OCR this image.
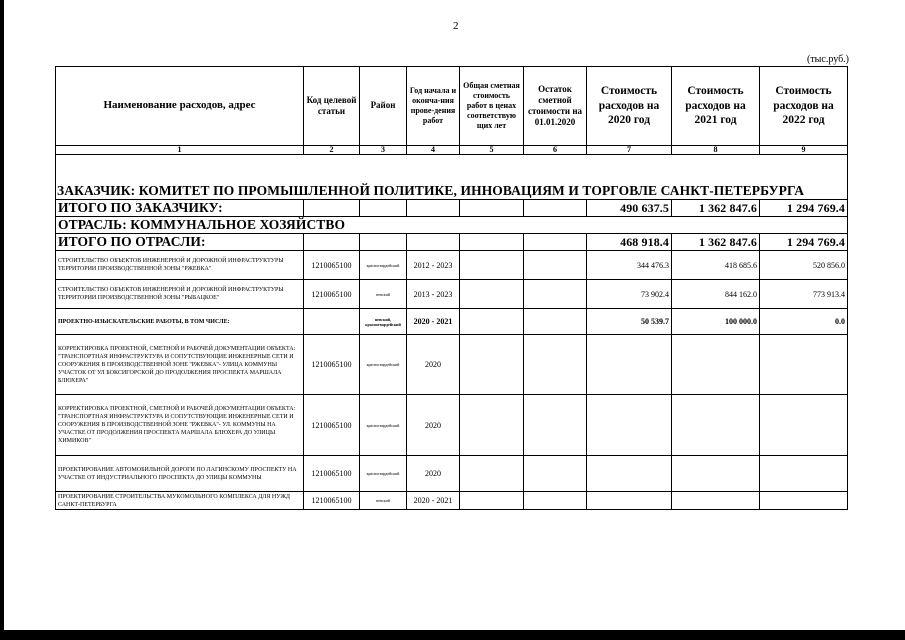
2
(тыс.руб.)
Наименование расходов, адрес	Код целевой статьи	Район	Год начала и оконча-ния прове-дения работ	Общая сметная стоимость работ в ценах соответствую щих лет	Остаток сметной стоимости на 01.01.2020	Стоимость расходов на 2020 год	Стоимость расходов на 2021 год	Стоимость расходов на 2022 год
1	2	3	4	5	6	7	8	9

ЗАКАЗЧИК: КОМИТЕТ ПО ПРОМЫШЛЕННОЙ ПОЛИТИКЕ, ИННОВАЦИЯМ И ТОРГОВЛЕ САНКТ-ПЕТЕРБУРГА								
ИТОГО ПО ЗАКАЗЧИКУ:						490 637.5	1 362 847.6	1 294 769.4
ОТРАСЛЬ: КОММУНАЛЬНОЕ ХОЗЯЙСТВО								
ИТОГО ПО ОТРАСЛИ:						468 918.4	1 362 847.6	1 294 769.4
СТРОИТЕЛЬСТВО ОБЪЕКТОВ ИНЖЕНЕРНОЙ И ДОРОЖНОЙ ИНФРАСТРУКТУРЫ ТЕРРИТОРИИ ПРОИЗВОДСТВЕННОЙ ЗОНЫ "РЖЕВКА"	1210065100	красногвардейский	2012 - 2023			344 476.3	418 685.6	520 856.0
СТРОИТЕЛЬСТВО ОБЪЕКТОВ ИНЖЕНЕРНОЙ И ДОРОЖНОЙ ИНФРАСТРУКТУРЫ ТЕРРИТОРИИ ПРОИЗВОДСТВЕННОЙ ЗОНЫ "РЫБАЦКОЕ"	1210065100	невский	2013 - 2023			73 902.4	844 162.0	773 913.4
ПРОЕКТНО-ИЗЫСКАТЕЛЬСКИЕ РАБОТЫ, В ТОМ ЧИСЛЕ:		невский, красногвардейский	2020 - 2021			50 539.7	100 000.0	0.0
КОРРЕКТИРОВКА ПРОЕКТНОЙ, СМЕТНОЙ И РАБОЧЕЙ ДОКУМЕНТАЦИИ ОБЪЕКТА: "ТРАНСПОРТНАЯ ИНФРАСТРУКТУРА И СОПУТСТВУЮЩИЕ ИНЖЕНЕРНЫЕ СЕТИ И СООРУЖЕНИЯ В ПРОИЗВОДСТВЕННОЙ ЗОНЕ "РЖЕВКА"- УЛИЦА КОММУНЫ УЧАСТОК ОТ УЛ БОКСИГОРСКОЙ ДО ПРОДОЛЖЕНИЯ ПРОСПЕКТА МАРШАЛА БЛЮХЕРА"	1210065100	красногвардейский	2020					
КОРРЕКТИРОВКА ПРОЕКТНОЙ, СМЕТНОЙ И РАБОЧЕЙ ДОКУМЕНТАЦИИ ОБЪЕКТА: "ТРАНСПОРТНАЯ ИНФРАСТРУКТУРА И СОПУТСТВУЮЩИЕ ИНЖЕНЕРНЫЕ СЕТИ И СООРУЖЕНИЯ В ПРОИЗВОДСТВЕННОЙ ЗОНЕ "РЖЕВКА"- УЛ. КОММУНЫ НА УЧАСТКЕ ОТ ПРОДОЛЖЕНИЯ ПРОСПЕКТА МАРШАЛА БЛЮХЕРА ДО УЛИЦЫ ХИМИКОВ"	1210065100	красногвардейский	2020					
ПРОЕКТИРОВАНИЕ АВТОМОБИЛЬНОЙ ДОРОГИ ПО ЛАГИНСКОМУ ПРОСПЕКТУ НА УЧАСТКЕ ОТ ИНДУСТРИАЛЬНОГО ПРОСПЕКТА ДО УЛИЦЫ КОММУНЫ	1210065100	красногвардейский	2020					
ПРОЕКТИРОВАНИЕ СТРОИТЕЛЬСТВА МУКОМОЛЬНОГО КОМПЛЕКСА ДЛЯ НУЖД САНКТ-ПЕТЕРБУРГА	1210065100	невский	2020 - 2021					
